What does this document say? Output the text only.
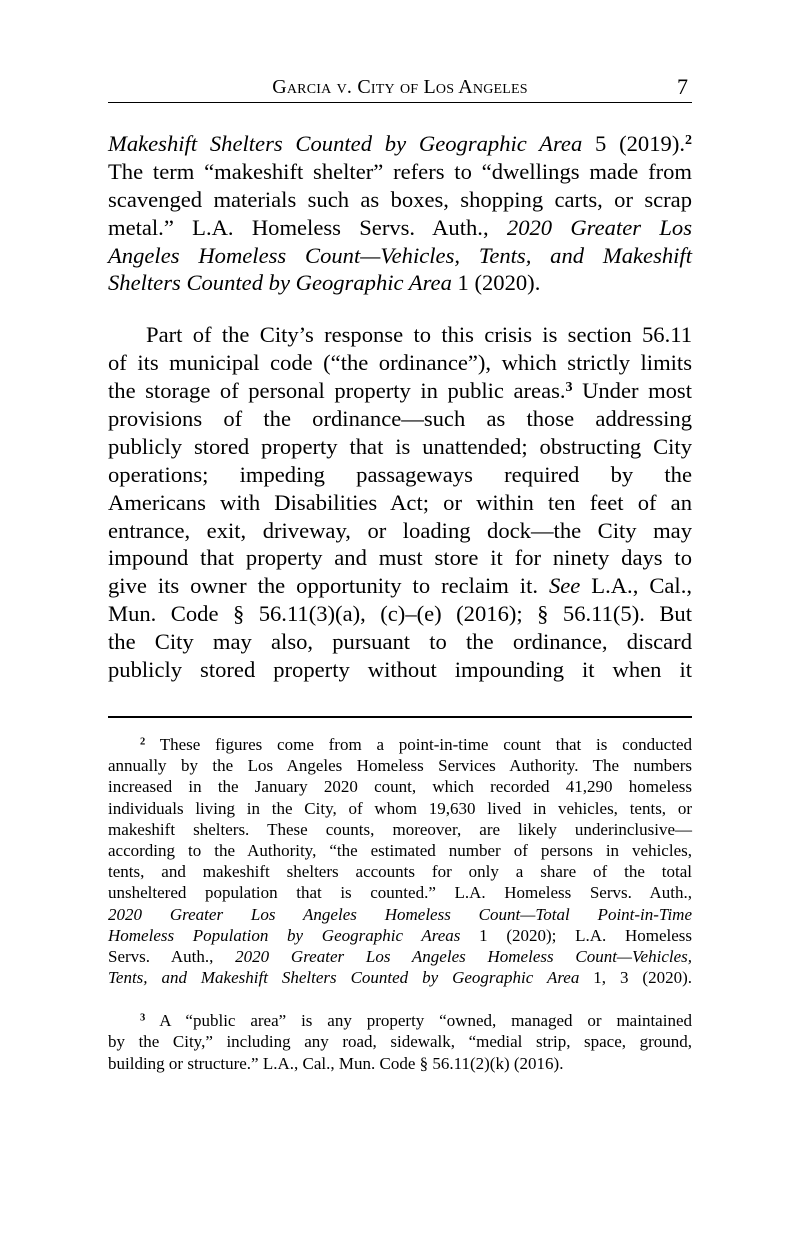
Garcia v. City of Los Angeles	7
Makeshift Shelters Counted by Geographic Area 5 (2019).$^2$
The term “makeshift shelter” refers to “dwellings made from
scavenged materials such as boxes, shopping carts, or scrap
metal.” L.A. Homeless Servs. Auth., 2020 Greater Los
Angeles Homeless Count—Vehicles, Tents, and Makeshift
Shelters Counted by Geographic Area 1 (2020).
Part of the City’s response to this crisis is section 56.11
of its municipal code (“the ordinance”), which strictly limits
the storage of personal property in public areas.$^3$ Under most
provisions of the ordinance—such as those addressing
publicly stored property that is unattended; obstructing City
operations; impeding passageways required by the
Americans with Disabilities Act; or within ten feet of an
entrance, exit, driveway, or loading dock—the City may
impound that property and must store it for ninety days to
give its owner the opportunity to reclaim it. See L.A., Cal.,
Mun. Code § 56.11(3)(a), (c)–(e) (2016); § 56.11(5). But
the City may also, pursuant to the ordinance, discard
publicly stored property without impounding it when it
$^2$ These figures come from a point-in-time count that is conducted
annually by the Los Angeles Homeless Services Authority. The numbers
increased in the January 2020 count, which recorded 41,290 homeless
individuals living in the City, of whom 19,630 lived in vehicles, tents, or
makeshift shelters. These counts, moreover, are likely underinclusive—
according to the Authority, “the estimated number of persons in vehicles,
tents, and makeshift shelters accounts for only a share of the total
unsheltered population that is counted.” L.A. Homeless Servs. Auth.,
2020 Greater Los Angeles Homeless Count—Total Point-in-Time
Homeless Population by Geographic Areas 1 (2020); L.A. Homeless
Servs. Auth., 2020 Greater Los Angeles Homeless Count—Vehicles,
Tents, and Makeshift Shelters Counted by Geographic Area 1, 3 (2020).
$^3$ A “public area” is any property “owned, managed or maintained
by the City,” including any road, sidewalk, “medial strip, space, ground,
building or structure.” L.A., Cal., Mun. Code § 56.11(2)(k) (2016).
